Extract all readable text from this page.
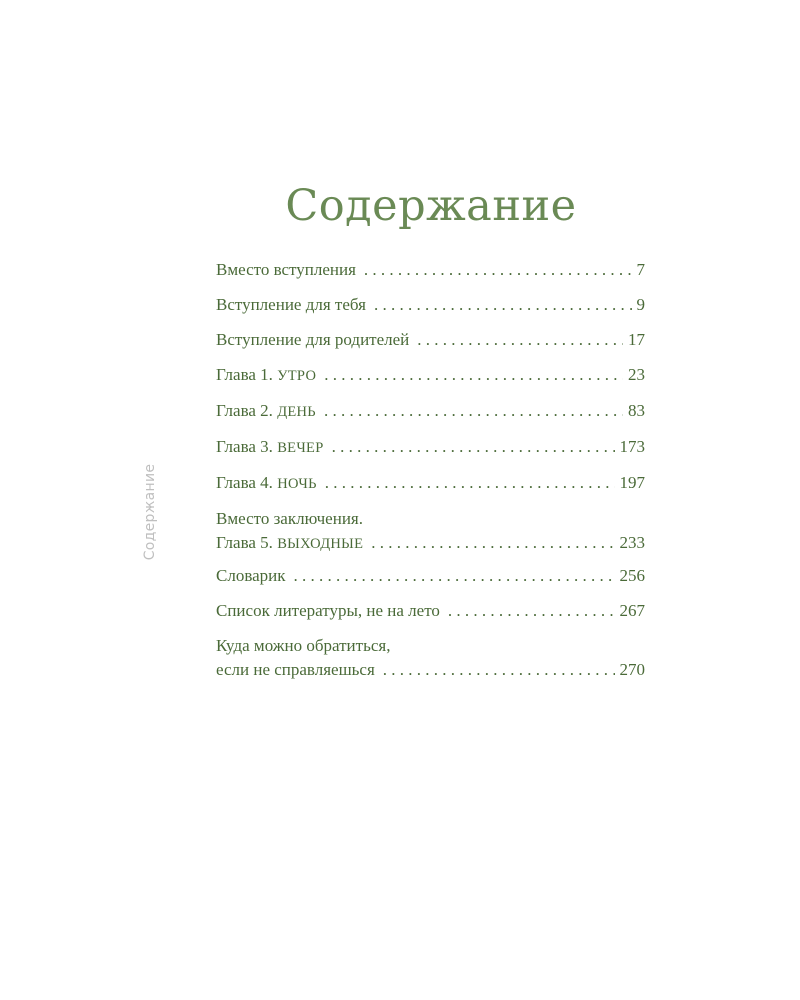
Содержание
Содержание
Вместо вступления . . .	7
Вступление для тебя . . .	9
Вступление для родителей . . .	17
Глава 1. УТРО . . .	23
Глава 2. ДЕНЬ . . .	83
Глава 3. ВЕЧЕР . . .	173
Глава 4. НОЧЬ . . .	197
Вместо заключения.
Глава 5. ВЫХОДНЫЕ . . .	233
Словарик . . .	256
Список литературы, не на лето . . .	267
Куда можно обратиться,
если не справляешься . . .	270
